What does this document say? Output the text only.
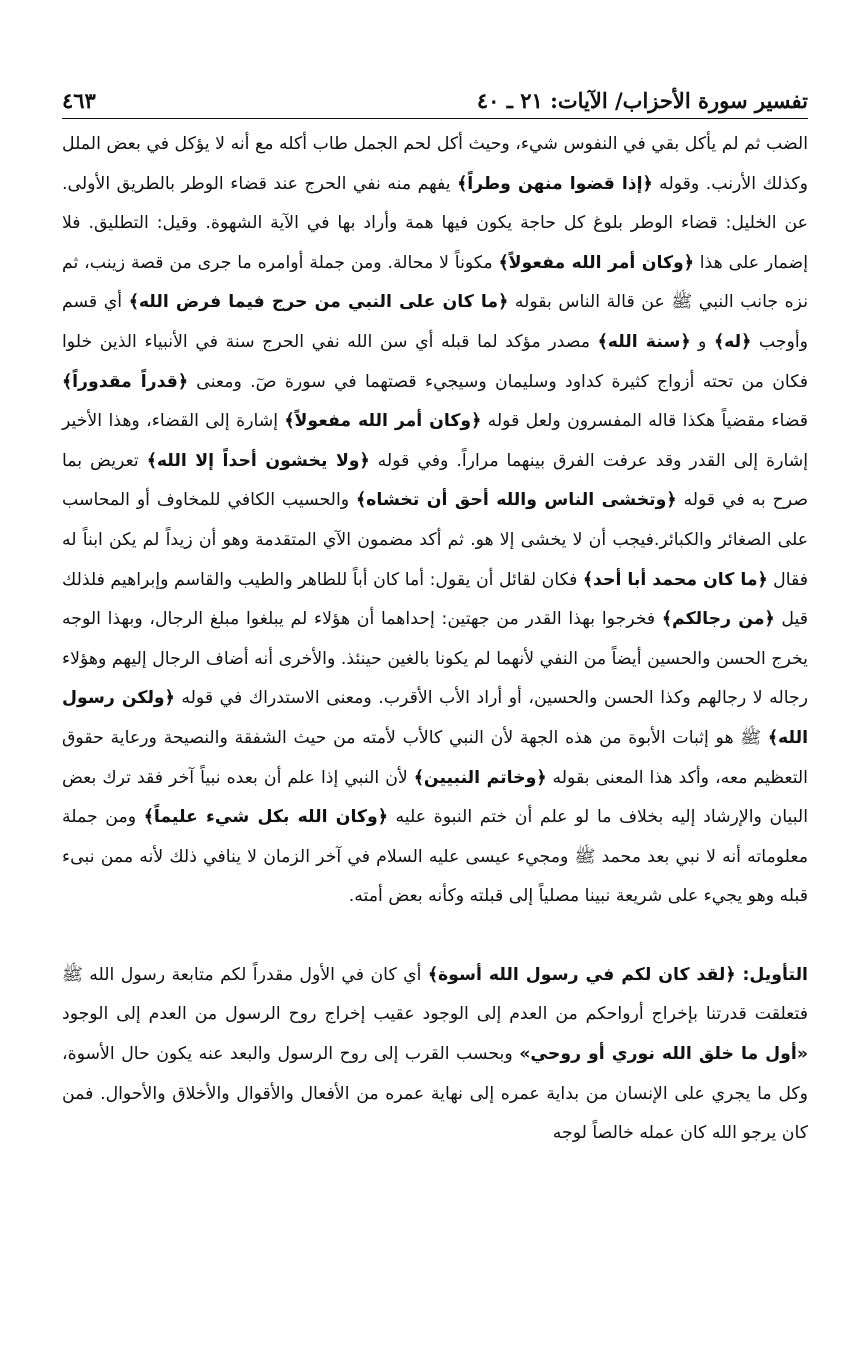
تفسير سورة الأحزاب/ الآيات: ٢١ ـ ٤٠
٤٦٣

الضب ثم لم يأكل بقي في النفوس شيء، وحيث أكل لحم الجمل طاب أكله مع أنه لا يؤكل في بعض الملل وكذلك الأرنب. وقوله ﴿إذا قضوا منهن وطراً﴾ يفهم منه نفي الحرج عند قضاء الوطر بالطريق الأولى. عن الخليل: قضاء الوطر بلوغ كل حاجة يكون فيها همة وأراد بها في الآية الشهوة. وقيل: التطليق. فلا إضمار على هذا ﴿وكان أمر الله مفعولاً﴾ مكوناً لا محالة. ومن جملة أوامره ما جرى من قصة زينب، ثم نزه جانب النبي ﷺ عن قالة الناس بقوله ﴿ما كان على النبي من حرج فيما فرض الله﴾ أي قسم وأوجب ﴿له﴾ و ﴿سنة الله﴾ مصدر مؤكد لما قبله أي سن الله نفي الحرج سنة في الأنبياء الذين خلوا فكان من تحته أزواج كثيرة كداود وسليمان وسيجيء قصتهما في سورة صٓ. ومعنى ﴿قدراً مقدوراً﴾ قضاء مقضياً هكذا قاله المفسرون ولعل قوله ﴿وكان أمر الله مفعولاً﴾ إشارة إلى القضاء، وهذا الأخير إشارة إلى القدر وقد عرفت الفرق بينهما مراراً. وفي قوله ﴿ولا يخشون أحداً إلا الله﴾ تعريض بما صرح به في قوله ﴿وتخشى الناس والله أحق أن تخشاه﴾ والحسيب الكافي للمخاوف أو المحاسب على الصغائر والكبائر.فيجب أن لا يخشى إلا هو. ثم أكد مضمون الآي المتقدمة وهو أن زيداً لم يكن ابناً له فقال ﴿ما كان محمد أبا أحد﴾ فكان لقائل أن يقول: أما كان أباً للطاهر والطيب والقاسم وإبراهيم فلذلك قيل ﴿من رجالكم﴾ فخرجوا بهذا القدر من جهتين: إحداهما أن هؤلاء لم يبلغوا مبلغ الرجال، وبهذا الوجه يخرج الحسن والحسين أيضاً من النفي لأنهما لم يكونا بالغين حينئذ. والأخرى أنه أضاف الرجال إليهم وهؤلاء رجاله لا رجالهم وكذا الحسن والحسين، أو أراد الأب الأقرب. ومعنى الاستدراك في قوله ﴿ولكن رسول الله﴾ ﷺ هو إثبات الأبوة من هذه الجهة لأن النبي كالأب لأمته من حيث الشفقة والنصيحة ورعاية حقوق التعظيم معه، وأكد هذا المعنى بقوله ﴿وخاتم النبيين﴾ لأن النبي إذا علم أن بعده نبياً آخر فقد ترك بعض البيان والإرشاد إليه بخلاف ما لو علم أن ختم النبوة عليه ﴿وكان الله بكل شيء عليماً﴾ ومن جملة معلوماته أنه لا نبي بعد محمد ﷺ ومجيء عيسى عليه السلام في آخر الزمان لا ينافي ذلك لأنه ممن نبىء قبله وهو يجيء على شريعة نبينا مصلياً إلى قبلته وكأنه بعض أمته.

التأويل: ﴿لقد كان لكم في رسول الله أسوة﴾ أي كان في الأول مقدراً لكم متابعة رسول الله ﷺ فتعلقت قدرتنا بإخراج أرواحكم من العدم إلى الوجود عقيب إخراج روح الرسول من العدم إلى الوجود «أول ما خلق الله نوري أو روحي» وبحسب القرب إلى روح الرسول والبعد عنه يكون حال الأسوة، وكل ما يجري على الإنسان من بداية عمره إلى نهاية عمره من الأفعال والأقوال والأخلاق والأحوال. فمن كان يرجو الله كان عمله خالصاً لوجه
